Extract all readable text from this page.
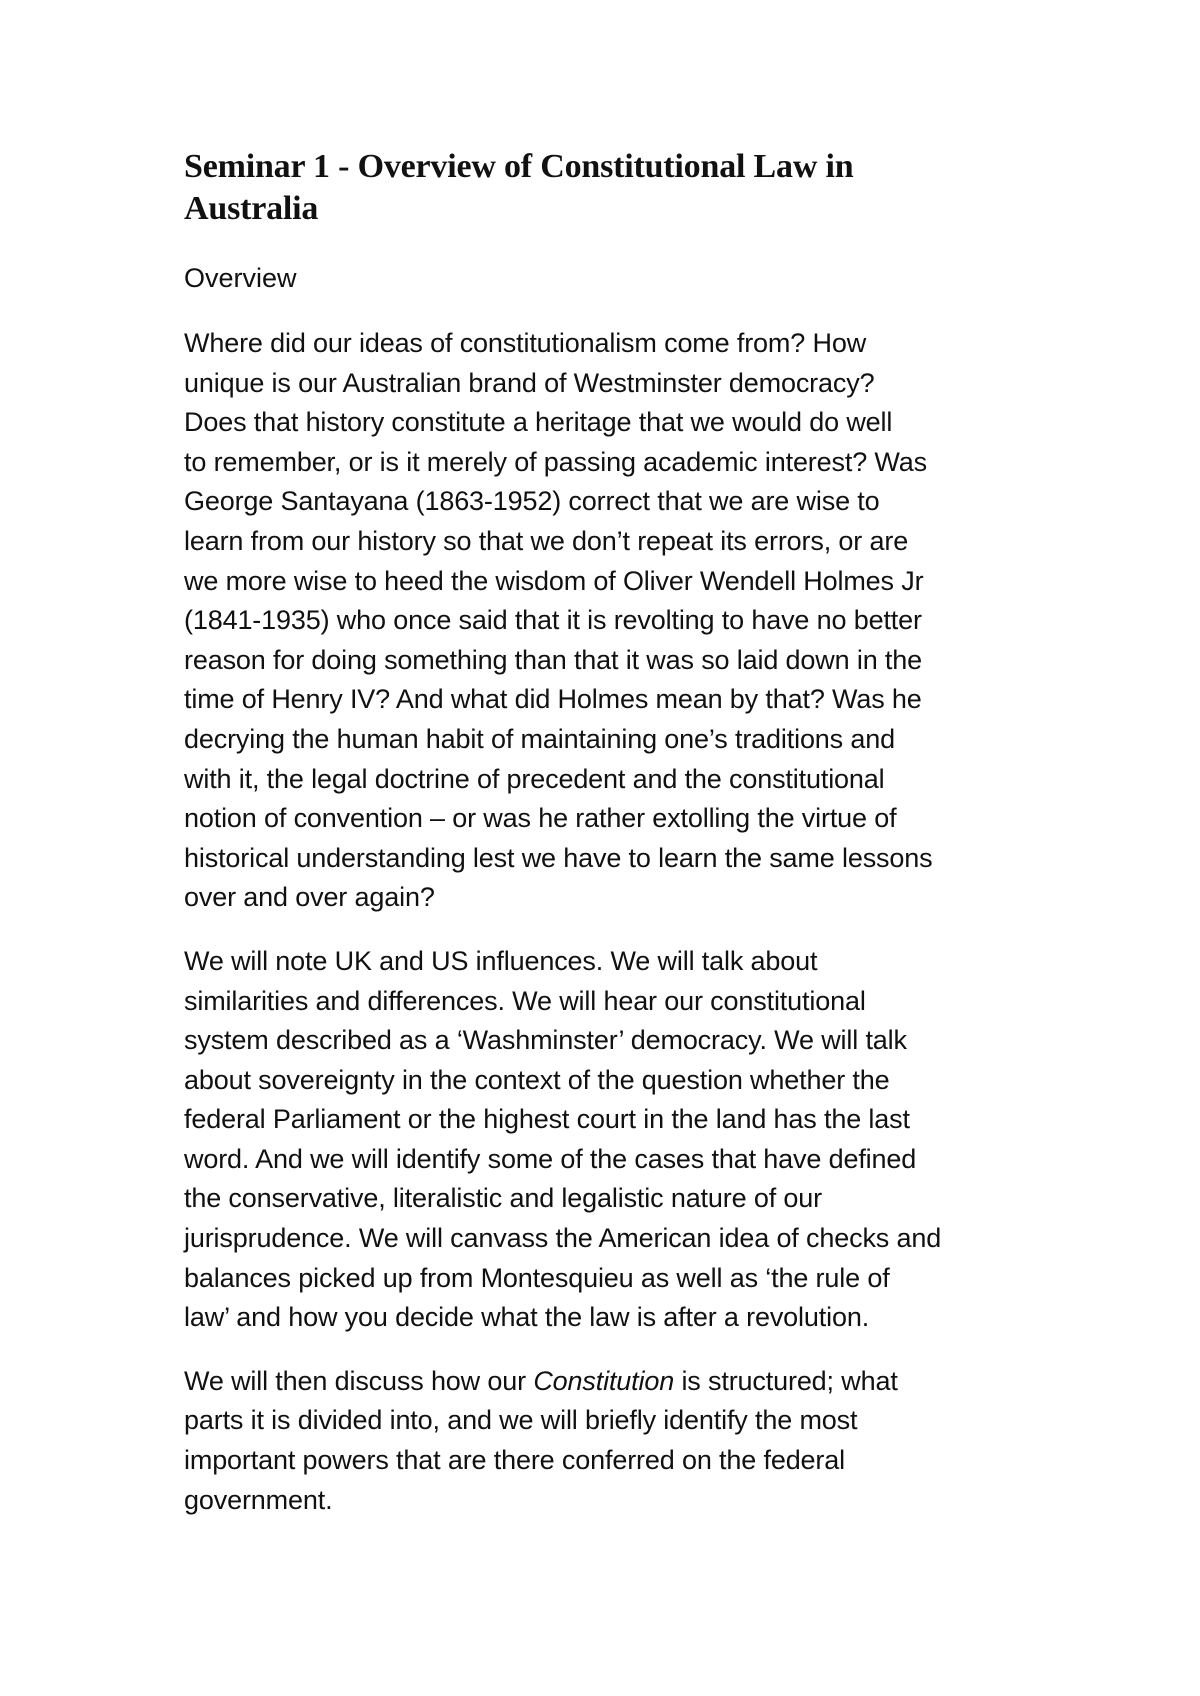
Seminar 1 - Overview of Constitutional Law in
Australia
Overview
Where did our ideas of constitutionalism come from? How
unique is our Australian brand of Westminster democracy?
Does that history constitute a heritage that we would do well
to remember, or is it merely of passing academic interest? Was
George Santayana (1863-1952) correct that we are wise to
learn from our history so that we don’t repeat its errors, or are
we more wise to heed the wisdom of Oliver Wendell Holmes Jr
(1841-1935) who once said that it is revolting to have no better
reason for doing something than that it was so laid down in the
time of Henry IV? And what did Holmes mean by that? Was he
decrying the human habit of maintaining one’s traditions and
with it, the legal doctrine of precedent and the constitutional
notion of convention – or was he rather extolling the virtue of
historical understanding lest we have to learn the same lessons
over and over again?
We will note UK and US influences. We will talk about
similarities and differences. We will hear our constitutional
system described as a ‘Washminster’ democracy. We will talk
about sovereignty in the context of the question whether the
federal Parliament or the highest court in the land has the last
word. And we will identify some of the cases that have defined
the conservative, literalistic and legalistic nature of our
jurisprudence. We will canvass the American idea of checks and
balances picked up from Montesquieu as well as ‘the rule of
law’ and how you decide what the law is after a revolution.
We will then discuss how our Constitution is structured; what
parts it is divided into, and we will briefly identify the most
important powers that are there conferred on the federal
government.
